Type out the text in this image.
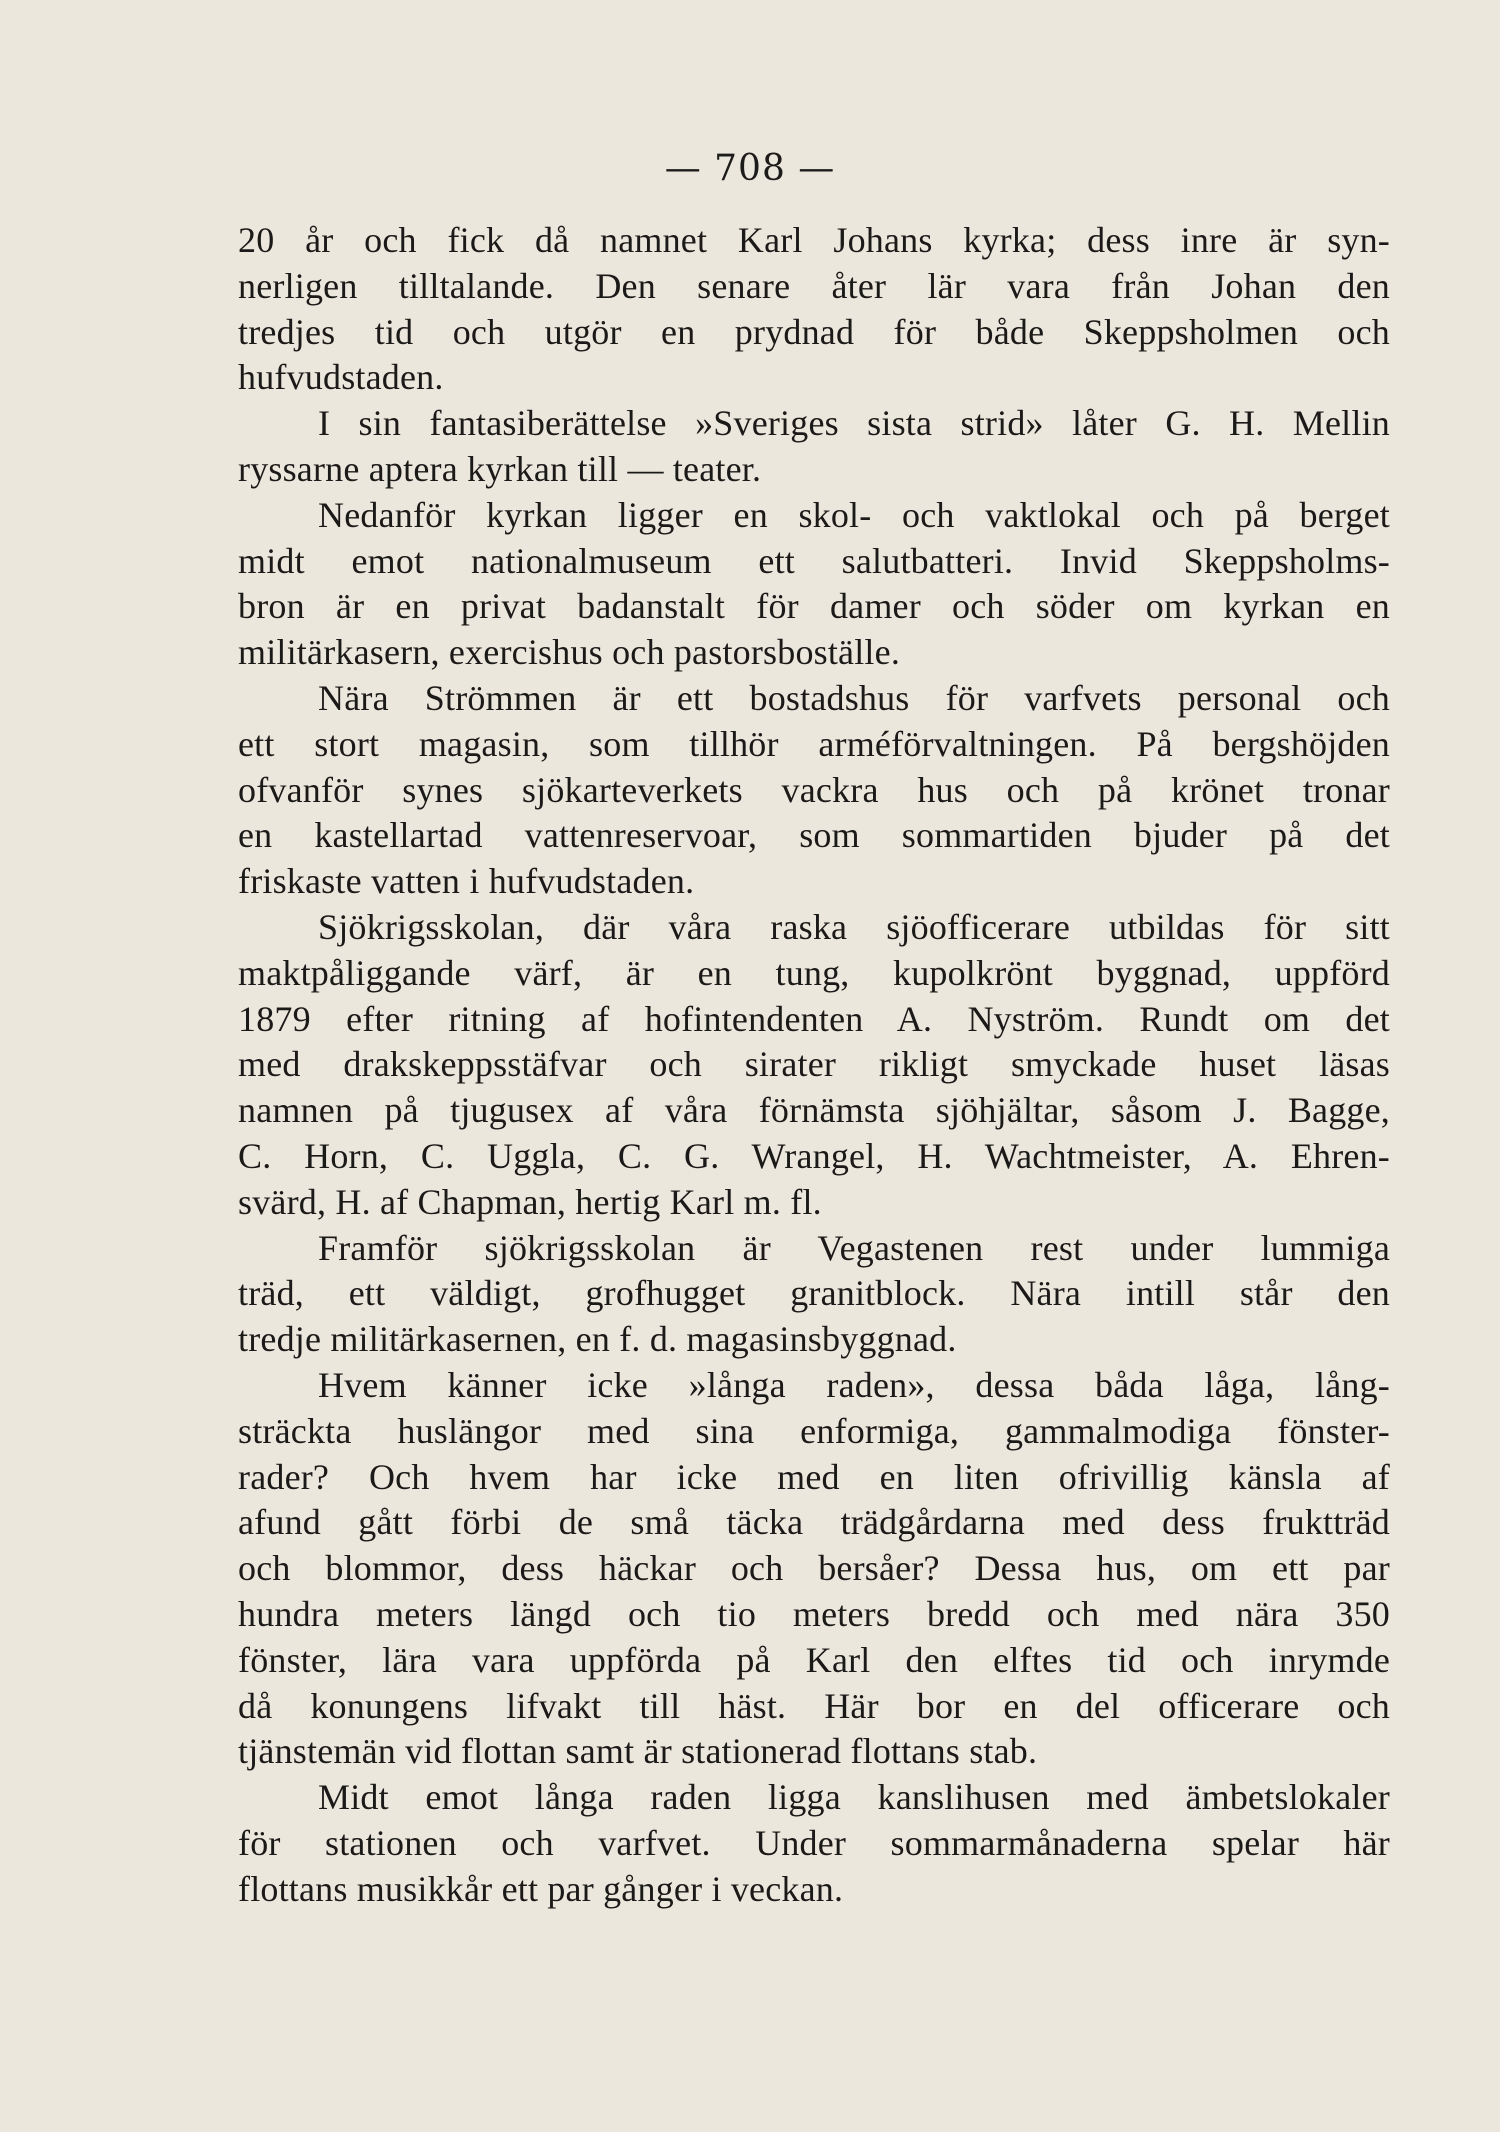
— 708 —

20 år och fick då namnet Karl Johans kyrka; dess inre är syn-
nerligen tilltalande. Den senare åter lär vara från Johan den
tredjes tid och utgör en prydnad för både Skeppsholmen och
hufvudstaden.

I sin fantasiberättelse »Sveriges sista strid» låter G. H. Mellin
ryssarne aptera kyrkan till — teater.

Nedanför kyrkan ligger en skol- och vaktlokal och på berget
midt emot nationalmuseum ett salutbatteri. Invid Skeppsholms-
bron är en privat badanstalt för damer och söder om kyrkan en
militärkasern, exercishus och pastorsboställe.

Nära Strömmen är ett bostadshus för varfvets personal och
ett stort magasin, som tillhör arméförvaltningen. På bergshöjden
ofvanför synes sjökarteverkets vackra hus och på krönet tronar
en kastellartad vattenreservoar, som sommartiden bjuder på det
friskaste vatten i hufvudstaden.

Sjökrigsskolan, där våra raska sjöofficerare utbildas för sitt
maktpåliggande värf, är en tung, kupolkrönt byggnad, uppförd
1879 efter ritning af hofintendenten A. Nyström. Rundt om det
med drakskeppsstäfvar och sirater rikligt smyckade huset läsas
namnen på tjugusex af våra förnämsta sjöhjältar, såsom J. Bagge,
C. Horn, C. Uggla, C. G. Wrangel, H. Wachtmeister, A. Ehren-
svärd, H. af Chapman, hertig Karl m. fl.

Framför sjökrigsskolan är Vegastenen rest under lummiga
träd, ett väldigt, grofhugget granitblock. Nära intill står den
tredje militärkasernen, en f. d. magasinsbyggnad.

Hvem känner icke »långa raden», dessa båda låga, lång-
sträckta huslängor med sina enformiga, gammalmodiga fönster-
rader? Och hvem har icke med en liten ofrivillig känsla af
afund gått förbi de små täcka trädgårdarna med dess fruktträd
och blommor, dess häckar och bersåer? Dessa hus, om ett par
hundra meters längd och tio meters bredd och med nära 350
fönster, lära vara uppförda på Karl den elftes tid och inrymde
då konungens lifvakt till häst. Här bor en del officerare och
tjänstemän vid flottan samt är stationerad flottans stab.

Midt emot långa raden ligga kanslihusen med ämbetslokaler
för stationen och varfvet. Under sommarmånaderna spelar här
flottans musikkår ett par gånger i veckan.
